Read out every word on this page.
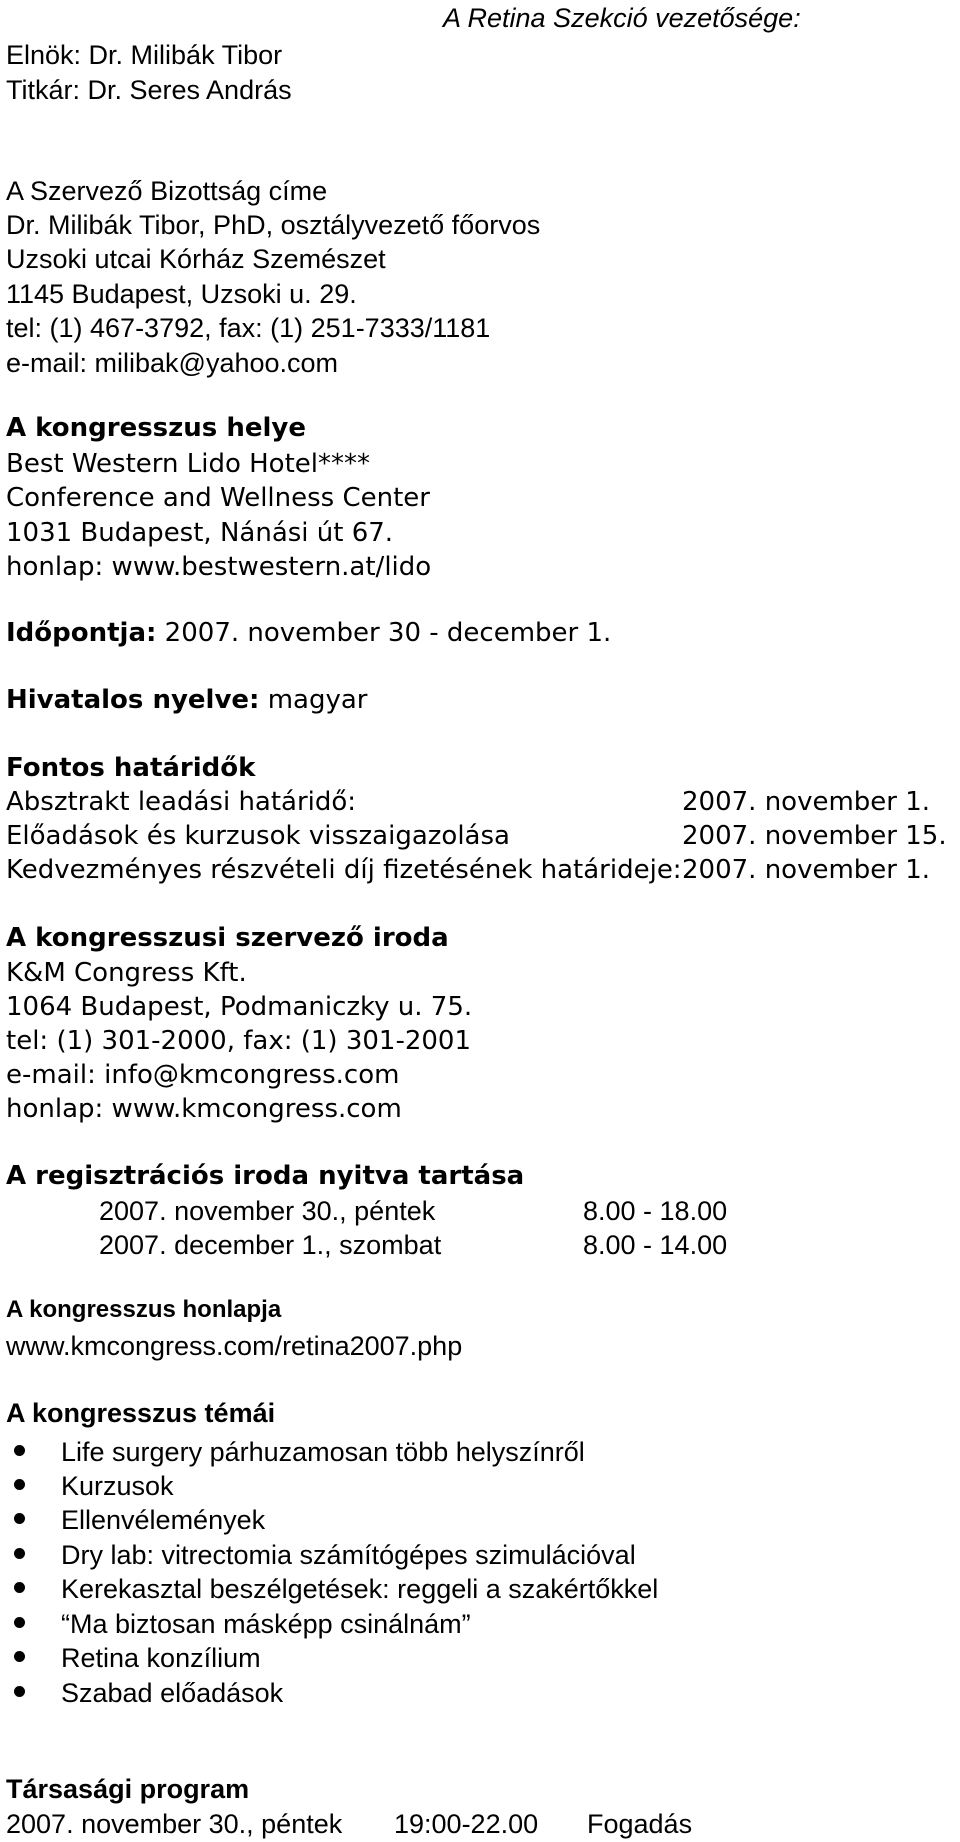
A Retina Szekció vezetősége:
Elnök: Dr. Milibák Tibor
Titkár: Dr. Seres András
A Szervező Bizottság címe
Dr. Milibák Tibor, PhD, osztályvezető főorvos
Uzsoki utcai Kórház Szemészet
1145 Budapest, Uzsoki u. 29.
tel: (1) 467-3792, fax: (1) 251-7333/1181
e-mail: milibak@yahoo.com
A kongresszus helye
Best Western Lido Hotel****
Conference and Wellness Center
1031 Budapest, Nánási út 67.
honlap: www.bestwestern.at/lido
Időpontja: 2007. november 30 - december 1.
Hivatalos nyelve: magyar
Fontos határidők
Absztrakt leadási határidő:	2007. november 1.
Előadások és kurzusok visszaigazolása	2007. november 15.
Kedvezményes részvételi díj fizetésének határideje: 2007. november 1.
A kongresszusi szervező iroda
K&M Congress Kft.
1064 Budapest, Podmaniczky u. 75.
tel: (1) 301-2000, fax: (1) 301-2001
e-mail: info@kmcongress.com
honlap: www.kmcongress.com
A regisztrációs iroda nyitva tartása
2007. november 30., péntek	8.00 - 18.00
2007. december 1., szombat	8.00 - 14.00
A kongresszus honlapja
www.kmcongress.com/retina2007.php
A kongresszus témái
Life surgery párhuzamosan több helyszínről
Kurzusok
Ellenvélemények
Dry lab: vitrectomia számítógépes szimulációval
Kerekasztal beszélgetések: reggeli a szakértőkkel
“Ma biztosan másképp csinálnám”
Retina konzílium
Szabad előadások
Társasági program
2007. november 30., péntek 19:00-22.00 Fogadás
